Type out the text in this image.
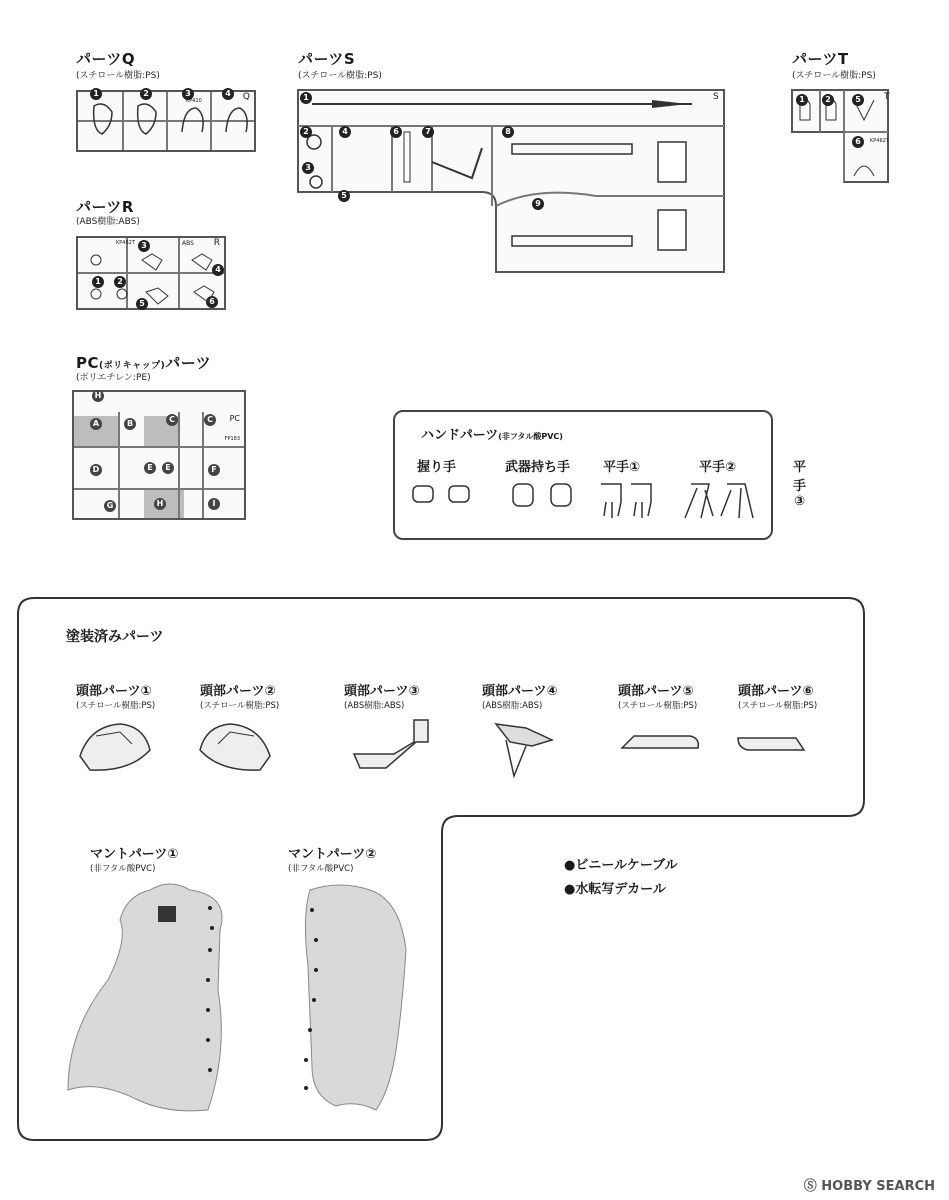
パーツQ
(スチロール樹脂:PS)
1	2	3	4	Q
KP410
パーツR
(ABS樹脂:ABS)
R
ABS
KP462T 3
4
1	2
5	6
パーツS
(スチロール樹脂:PS)
S
1
2
3
4
5
6	7	8
9
パーツT
(スチロール樹脂:PS)
T
KP462T
1	2	5
6
PC(ポリキャップ)パーツ
(ポリエチレン:PE)
PC
FP183
H
A	B	C	C
D	E	E	F
G	H	I
ハンドパーツ(非フタル酸PVC)
握り手	武器持ち手	平手①	平手②	平手③
塗装済みパーツ
頭部パーツ①
(スチロール樹脂:PS)
頭部パーツ②
(スチロール樹脂:PS)
頭部パーツ③
(ABS樹脂:ABS)
頭部パーツ④
(ABS樹脂:ABS)
頭部パーツ⑤
(スチロール樹脂:PS)
頭部パーツ⑥
(スチロール樹脂:PS)
マントパーツ①
(非フタル酸PVC)
マントパーツ②
(非フタル酸PVC)	●ビニールケーブル
●水転写デカール
Ⓢ HOBBY SEARCH
